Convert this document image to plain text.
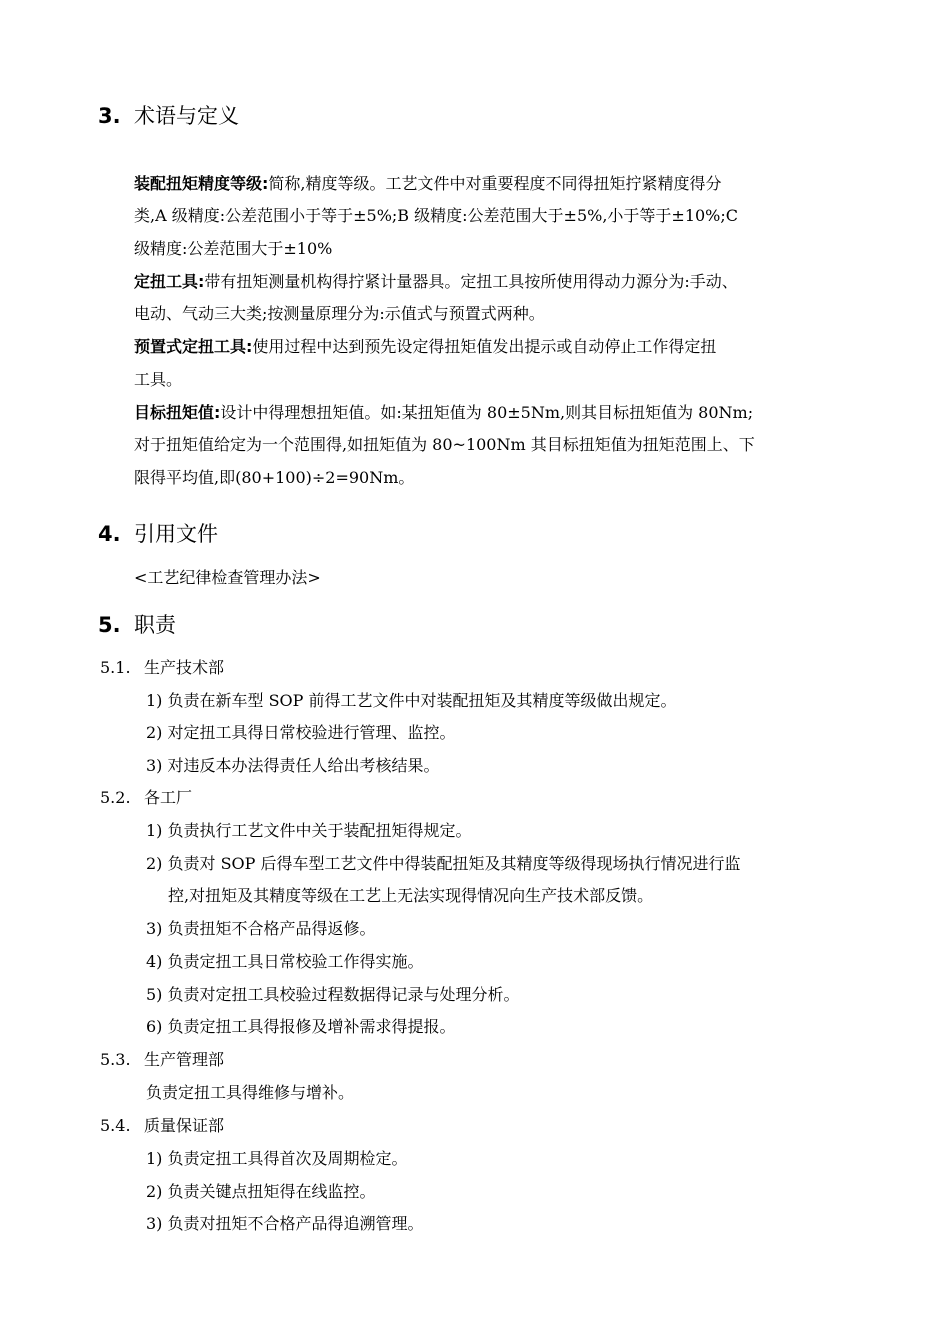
3. 术语与定义
装配扭矩精度等级:简称,精度等级。工艺文件中对重要程度不同得扭矩拧紧精度得分
类,A 级精度:公差范围小于等于±5%;B 级精度:公差范围大于±5%,小于等于±10%;C
级精度:公差范围大于±10%
定扭工具:带有扭矩测量机构得拧紧计量器具。定扭工具按所使用得动力源分为:手动、
电动、气动三大类;按测量原理分为:示值式与预置式两种。
预置式定扭工具:使用过程中达到预先设定得扭矩值发出提示或自动停止工作得定扭
工具。
目标扭矩值:设计中得理想扭矩值。如:某扭矩值为 80±5Nm,则其目标扭矩值为 80Nm;
对于扭矩值给定为一个范围得,如扭矩值为 80~100Nm 其目标扭矩值为扭矩范围上、下
限得平均值,即(80+100)÷2=90Nm。
4. 引用文件
<工艺纪律检查管理办法>
5. 职责
5.1. 生产技术部
1) 负责在新车型 SOP 前得工艺文件中对装配扭矩及其精度等级做出规定。
2) 对定扭工具得日常校验进行管理、监控。
3) 对违反本办法得责任人给出考核结果。
5.2. 各工厂
1) 负责执行工艺文件中关于装配扭矩得规定。
2) 负责对 SOP 后得车型工艺文件中得装配扭矩及其精度等级得现场执行情况进行监
控,对扭矩及其精度等级在工艺上无法实现得情况向生产技术部反馈。
3) 负责扭矩不合格产品得返修。
4) 负责定扭工具日常校验工作得实施。
5) 负责对定扭工具校验过程数据得记录与处理分析。
6) 负责定扭工具得报修及增补需求得提报。
5.3. 生产管理部
负责定扭工具得维修与增补。
5.4. 质量保证部
1) 负责定扭工具得首次及周期检定。
2) 负责关键点扭矩得在线监控。
3) 负责对扭矩不合格产品得追溯管理。
